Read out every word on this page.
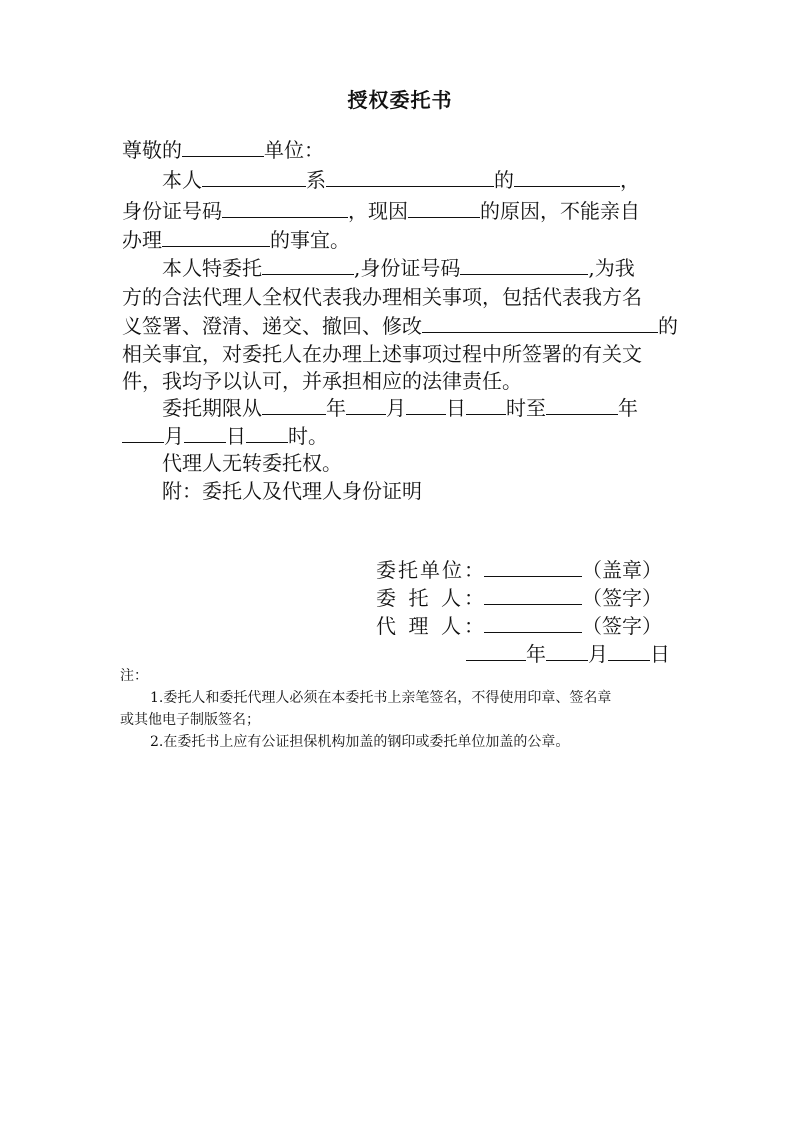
授权委托书
尊敬的	单位：
本人	系	的	，
身份证号码	，现因	的原因，不能亲自
办理	的事宜。
本人特委托	,身份证号码	,为我
方的合法代理人全权代表我办理相关事项，包括代表我方名
义签署、澄清、递交、撤回、修改	的
相关事宜，对委托人在办理上述事项过程中所签署的有关文
件，我均予以认可，并承担相应的法律责任。
委托期限从	年 月 日 时至	年
月 日 时。
代理人无转委托权。
附：委托人及代理人身份证明
委托单位：	（盖章）
委 托 人：	（签字）
代 理 人：	（签字）
年 月 日
注：
1.委托人和委托代理人必须在本委托书上亲笔签名，不得使用印章、签名章
或其他电子制版签名；
2.在委托书上应有公证担保机构加盖的钢印或委托单位加盖的公章。
